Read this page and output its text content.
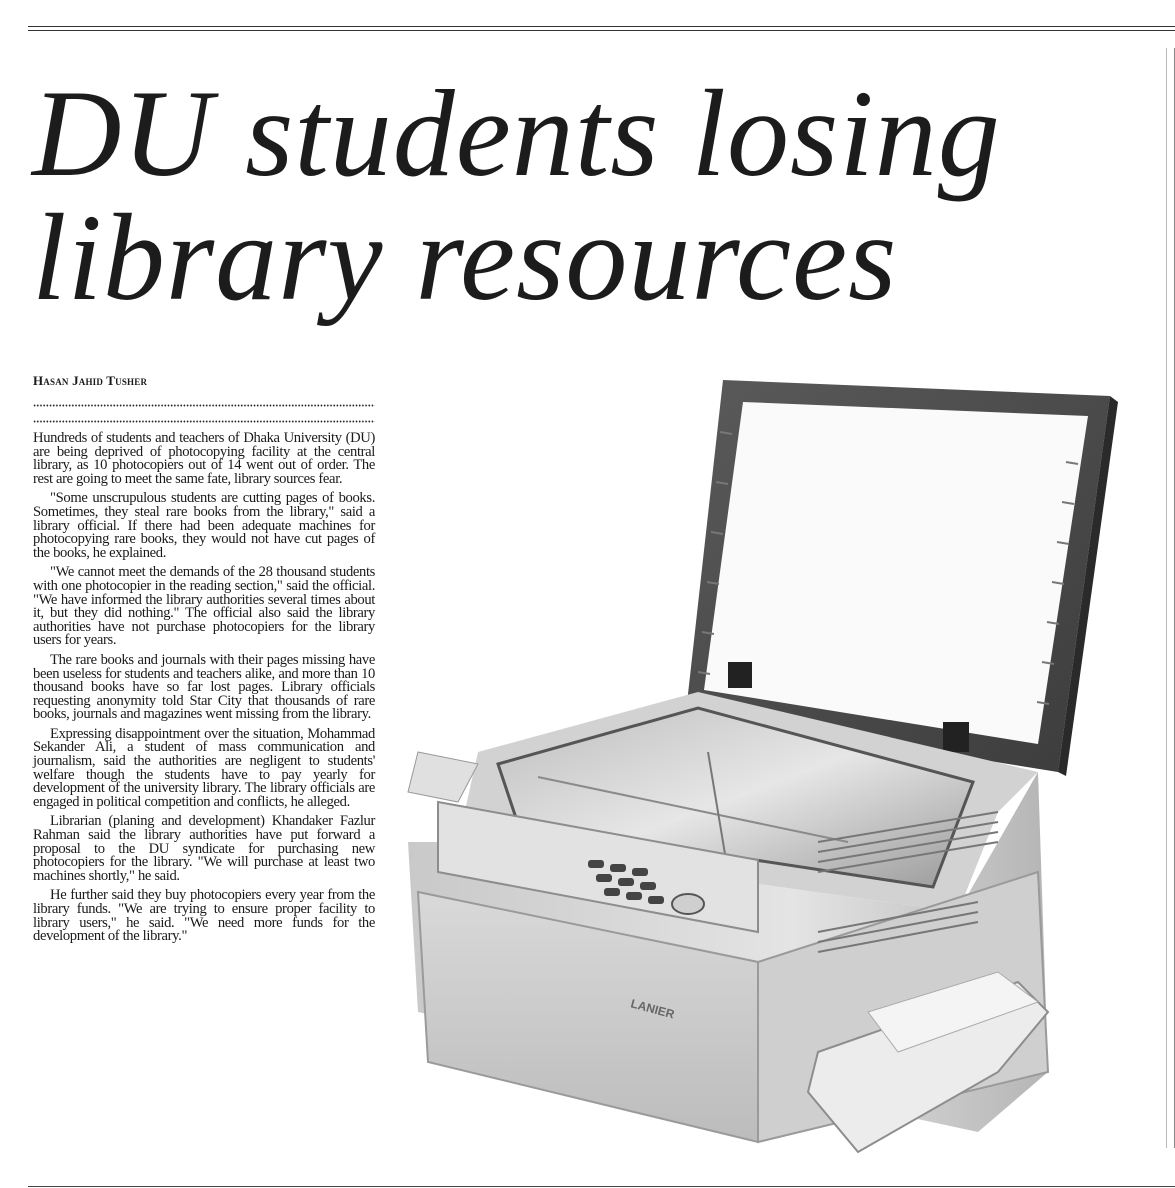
DU students losing
library resources
Hasan Jahid Tusher

Hundreds of students and teachers of Dhaka University (DU) are being deprived of photocopying facility at the central library, as 10 photocopiers out of 14 went out of order. The rest are going to meet the same fate, library sources fear.

"Some unscrupulous students are cutting pages of books. Sometimes, they steal rare books from the library," said a library official. If there had been adequate machines for photocopying rare books, they would not have cut pages of the books, he explained.

"We cannot meet the demands of the 28 thousand students with one photocopier in the reading section," said the official. "We have informed the library authorities several times about it, but they did nothing." The official also said the library authorities have not purchase photocopiers for the library users for years.

The rare books and journals with their pages missing have been useless for students and teachers alike, and more than 10 thousand books have so far lost pages. Library officials requesting anonymity told Star City that thousands of rare books, journals and magazines went missing from the library.

Expressing disappointment over the situation, Mohammad Sekander Ali, a student of mass communication and journalism, said the authorities are negligent to students' welfare though the students have to pay yearly for development of the university library. The library officials are engaged in political competition and conflicts, he alleged.

Librarian (planing and development) Khandaker Fazlur Rahman said the library authorities have put forward a proposal to the DU syndicate for purchasing new photocopiers for the library. "We will purchase at least two machines shortly," he said.

He further said they buy photocopiers every year from the library funds. "We are trying to ensure proper facility to library users," he said. "We need more funds for the development of the library."

LANIER
